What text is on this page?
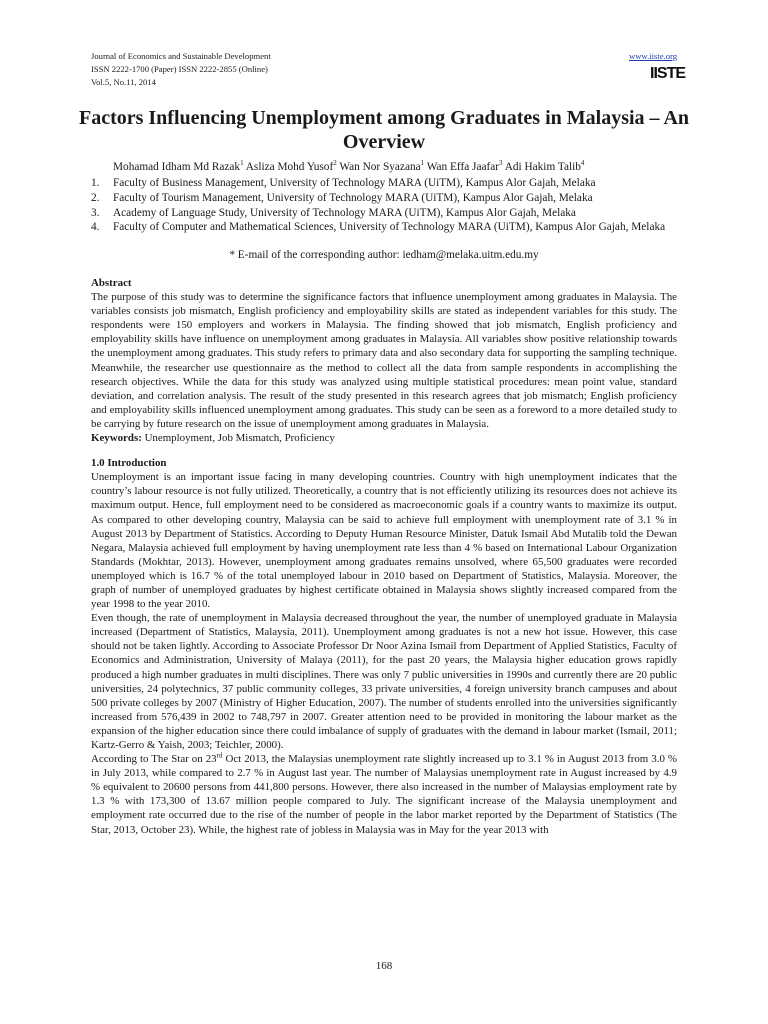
Journal of Economics and Sustainable Development
ISSN 2222-1700 (Paper) ISSN 2222-2855 (Online)
Vol.5, No.11, 2014
www.iiste.org
IISTE
Factors Influencing Unemployment among Graduates in Malaysia – An Overview
Mohamad Idham Md Razak$^1$ Asliza Mohd Yusof$^2$ Wan Nor Syazana$^1$ Wan Effa Jaafar$^3$ Adi Hakim Talib$^4$
1.	Faculty of Business Management, University of Technology MARA (UiTM), Kampus Alor Gajah, Melaka
2.	Faculty of Tourism Management, University of Technology MARA (UiTM), Kampus Alor Gajah, Melaka
3.	Academy of Language Study, University of Technology MARA (UiTM), Kampus Alor Gajah, Melaka
4.	Faculty of Computer and Mathematical Sciences, University of Technology MARA (UiTM), Kampus Alor Gajah, Melaka
* E-mail of the corresponding author: iedham@melaka.uitm.edu.my

Abstract

The purpose of this study was to determine the significance factors that influence unemployment among graduates in Malaysia. The variables consists job mismatch, English proficiency and employability skills are stated as independent variables for this study. The respondents were 150 employers and workers in Malaysia. The finding showed that job mismatch, English proficiency and employability skills have influence on unemployment among graduates in Malaysia. All variables show positive relationship towards the unemployment among graduates. This study refers to primary data and also secondary data for supporting the sampling technique. Meanwhile, the researcher use questionnaire as the method to collect all the data from sample respondents in accomplishing the research objectives. While the data for this study was analyzed using multiple statistical procedures: mean point value, standard deviation, and correlation analysis. The result of the study presented in this research agrees that job mismatch; English proficiency and employability skills influenced unemployment among graduates. This study can be seen as a foreword to a more detailed study to be carrying by future research on the issue of unemployment among graduates in Malaysia.

Keywords: Unemployment, Job Mismatch, Proficiency

1.0 Introduction

Unemployment is an important issue facing in many developing countries. Country with high unemployment indicates that the country’s labour resource is not fully utilized. Theoretically, a country that is not efficiently utilizing its resources does not achieve its maximum output. Hence, full employment need to be considered as macroeconomic goals if a country wants to maximize its output. As compared to other developing country, Malaysia can be said to achieve full employment with unemployment rate of 3.1 % in August 2013 by Department of Statistics. According to Deputy Human Resource Minister, Datuk Ismail Abd Mutalib told the Dewan Negara, Malaysia achieved full employment by having unemployment rate less than 4 % based on International Labour Organization Standards (Mokhtar, 2013). However, unemployment among graduates remains unsolved, where 65,500 graduates were recorded unemployed which is 16.7 % of the total unemployed labour in 2010 based on Department of Statistics, Malaysia. Moreover, the graph of number of unemployed graduates by highest certificate obtained in Malaysia shows slightly increased compared from the year 1998 to the year 2010.

Even though, the rate of unemployment in Malaysia decreased throughout the year, the number of unemployed graduate in Malaysia increased (Department of Statistics, Malaysia, 2011). Unemployment among graduates is not a new hot issue. However, this case should not be taken lightly. According to Associate Professor Dr Noor Azina Ismail from Department of Applied Statistics, Faculty of Economics and Administration, University of Malaya (2011), for the past 20 years, the Malaysia higher education grows rapidly produced a high number graduates in multi disciplines. There was only 7 public universities in 1990s and currently there are 20 public universities, 24 polytechnics, 37 public community colleges, 33 private universities, 4 foreign university branch campuses and about 500 private colleges by 2007 (Ministry of Higher Education, 2007). The number of students enrolled into the universities significantly increased from 576,439 in 2002 to 748,797 in 2007. Greater attention need to be provided in monitoring the labour market as the expansion of the higher education since there could imbalance of supply of graduates with the demand in labour market (Ismail, 2011; Kartz-Gerro & Yaish, 2003; Teichler, 2000).

According to The Star on 23rd Oct 2013, the Malaysias unemployment rate slightly increased up to 3.1 % in August 2013 from 3.0 % in July 2013, while compared to 2.7 % in August last year. The number of Malaysias unemployment rate in August increased by 4.9 % equivalent to 20600 persons from 441,800 persons. However, there also increased in the number of Malaysias employment rate by 1.3 % with 173,300 of 13.67 million people compared to July. The significant increase of the Malaysia unemployment and employment rate occurred due to the rise of the number of people in the labor market reported by the Department of Statistics (The Star, 2013, October 23). While, the highest rate of jobless in Malaysia was in May for the year 2013 with

168
